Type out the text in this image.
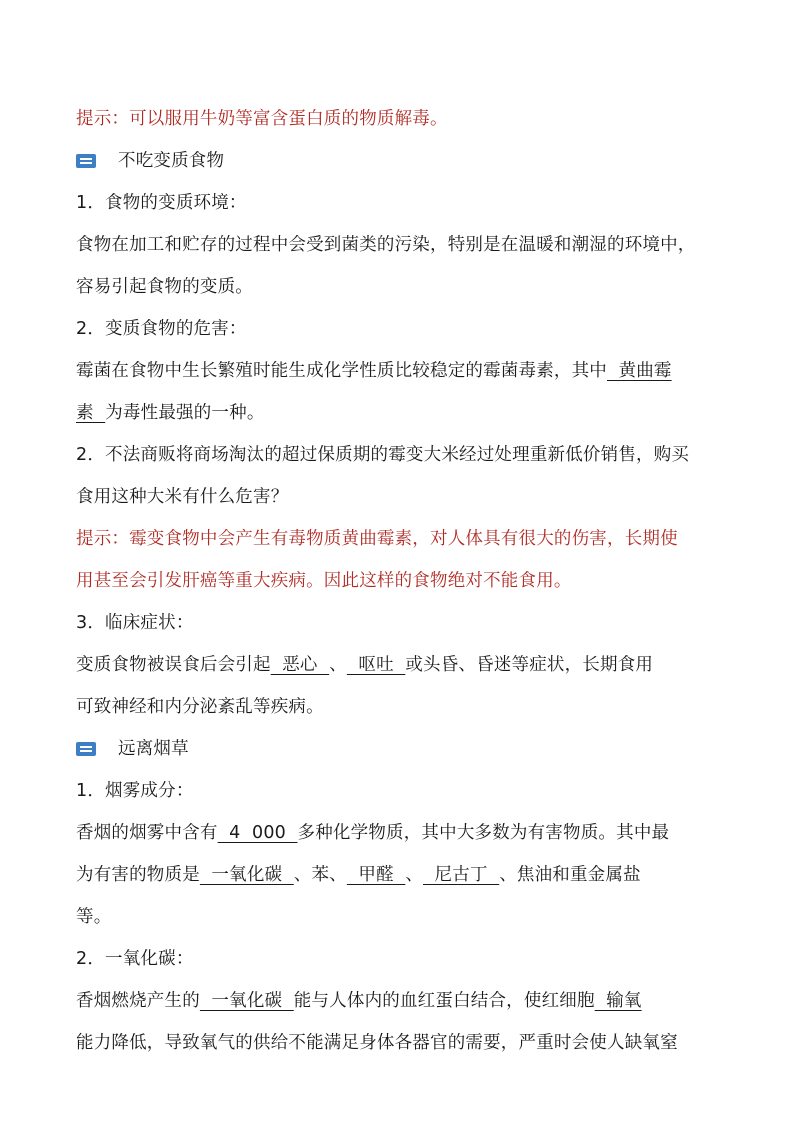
提示：可以服用牛奶等富含蛋白质的物质解毒。
不吃变质食物
1．食物的变质环境：
食物在加工和贮存的过程中会受到菌类的污染，特别是在温暖和潮湿的环境中，
容易引起食物的变质。
2．变质食物的危害：
霉菌在食物中生长繁殖时能生成化学性质比较稳定的霉菌毒素，其中  黄曲霉
素  为毒性最强的一种。
2．不法商贩将商场淘汰的超过保质期的霉变大米经过处理重新低价销售，购买
食用这种大米有什么危害？
提示：霉变食物中会产生有毒物质黄曲霉素，对人体具有很大的伤害，长期使
用甚至会引发肝癌等重大疾病。因此这样的食物绝对不能食用。
3．临床症状：
变质食物被误食后会引起  恶心  、  呕吐  或头昏、昏迷等症状，长期食用
可致神经和内分泌紊乱等疾病。
远离烟草
1．烟雾成分：
香烟的烟雾中含有  4  000  多种化学物质，其中大多数为有害物质。其中最
为有害的物质是  一氧化碳  、苯、  甲醛  、  尼古丁  、焦油和重金属盐
等。
2．一氧化碳：
香烟燃烧产生的  一氧化碳  能与人体内的血红蛋白结合，使红细胞  输氧
能力降低，导致氧气的供给不能满足身体各器官的需要，严重时会使人缺氧窒
